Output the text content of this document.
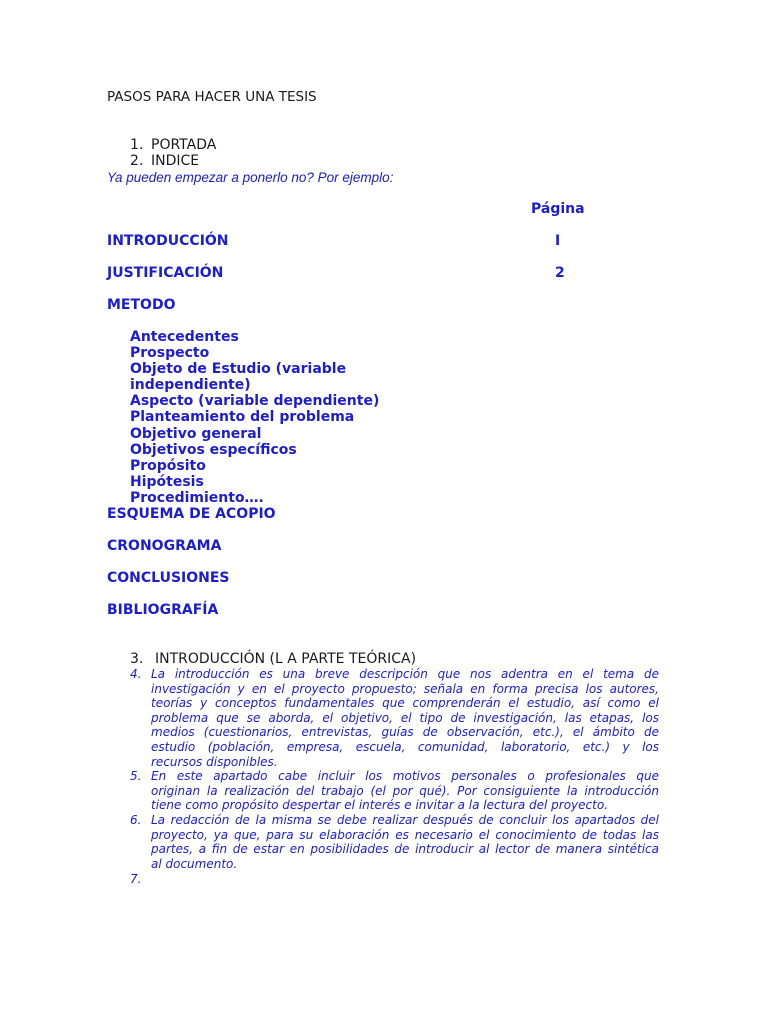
PASOS PARA HACER UNA TESIS
1. PORTADA
2. INDICE
Ya pueden empezar a ponerlo no? Por ejemplo:
Página
INTRODUCCIÓN	I
JUSTIFICACIÓN	2
METODO
Antecedentes
Prospecto
Objeto de Estudio (variable
independiente)
Aspecto (variable dependiente)
Planteamiento del problema
Objetivo general
Objetivos específicos
Propósito
Hipótesis
Procedimiento….
ESQUEMA DE ACOPIO
CRONOGRAMA
CONCLUSIONES
BIBLIOGRAFÍA
3. INTRODUCCIÓN (L A PARTE TEÓRICA)
4. La introducción es una breve descripción que nos adentra en el tema de
investigación y en el proyecto propuesto; señala en forma precisa los autores,
teorías y conceptos fundamentales que comprenderán el estudio, así como el
problema que se aborda, el objetivo, el tipo de investigación, las etapas, los
medios (cuestionarios, entrevistas, guías de observación, etc.), el ámbito de
estudio (población, empresa, escuela, comunidad, laboratorio, etc.) y los
recursos disponibles.
5. En este apartado cabe incluir los motivos personales o profesionales que
originan la realización del trabajo (el por qué). Por consiguiente la introducción
tiene como propósito despertar el interés e invitar a la lectura del proyecto.
6. La redacción de la misma se debe realizar después de concluir los apartados del
proyecto, ya que, para su elaboración es necesario el conocimiento de todas las
partes, a fin de estar en posibilidades de introducir al lector de manera sintética
al documento.
7.
